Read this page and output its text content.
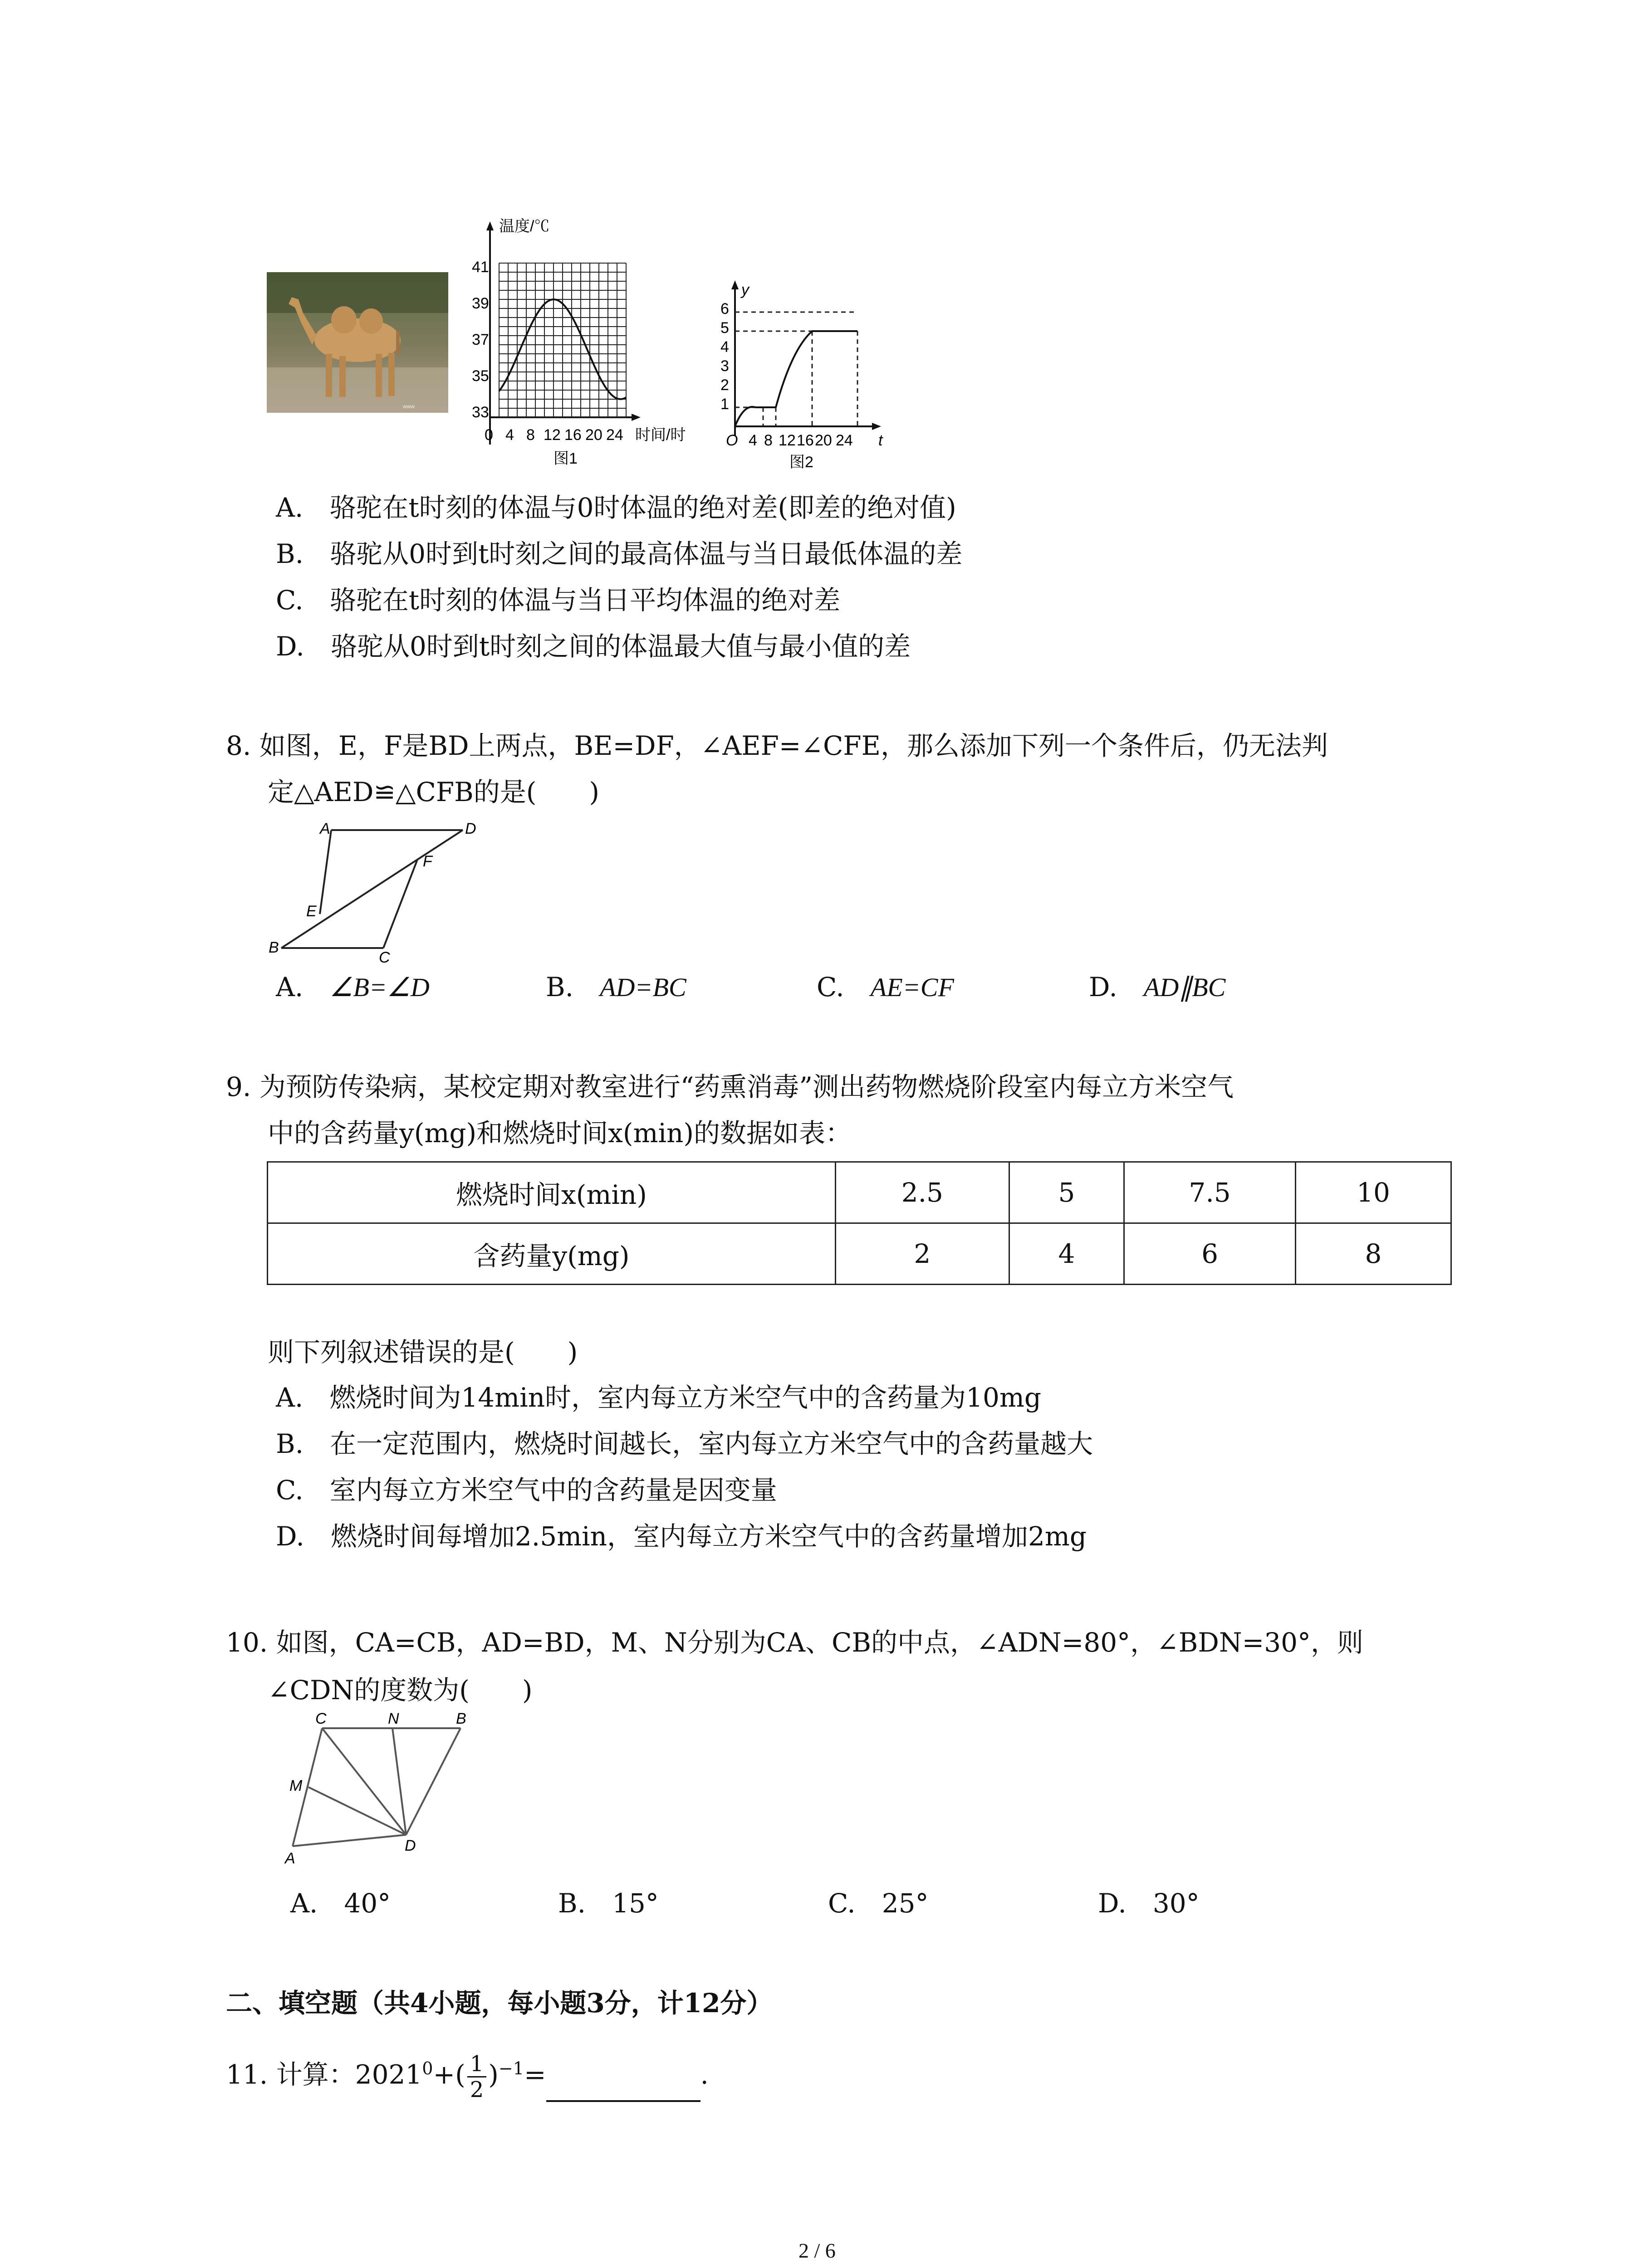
www
温度/℃
41
39
37
35
33
0 4 8 12 16 20 24 时间/时
图1
y
6
5
4
3
2
1
O 4 8 12 16 20 24 t
图2
A.　 骆驼在t时刻的体温与0时体温的绝对差(即差的绝对值)
B.　 骆驼从0时到t时刻之间的最高体温与当日最低体温的差
C.　 骆驼在t时刻的体温与当日平均体温的绝对差
D.　 骆驼从0时到t时刻之间的体温最大值与最小值的差
8. 如图，E，F是BD上两点，BE=DF，∠AEF=∠CFE，那么添加下列一个条件后，仍无法判
定△AED≌△CFB的是(　　)
A	D
F
E
B
C
A.　 ∠B=∠D	B.　 AD=BC	C.　 AE=CF	D.　 AD∥BC
9. 为预防传染病，某校定期对教室进行“药熏消毒”测出药物燃烧阶段室内每立方米空气
中的含药量y(mg)和燃烧时间x(min)的数据如表：
燃烧时间x(min)	2.5	5	7.5	10
含药量y(mg)	2	4	6	8
则下列叙述错误的是(　　)
A.　 燃烧时间为14min时，室内每立方米空气中的含药量为10mg
B.　 在一定范围内，燃烧时间越长，室内每立方米空气中的含药量越大
C.　 室内每立方米空气中的含药量是因变量
D.　 燃烧时间每增加2.5min，室内每立方米空气中的含药量增加2mg
10. 如图，CA=CB，AD=BD，M、N分别为CA、CB的中点，∠ADN=80°，∠BDN=30°，则
∠CDN的度数为(　　)
C	N	B
M
A
D
A.　 40°	B.　 15°	C.　 25°	D.　 30°
二、填空题（共4小题，每小题3分，计12分）
11. 计算：$2021^0+( \frac{1}{2} )^{-1}=$	.
2 / 6
